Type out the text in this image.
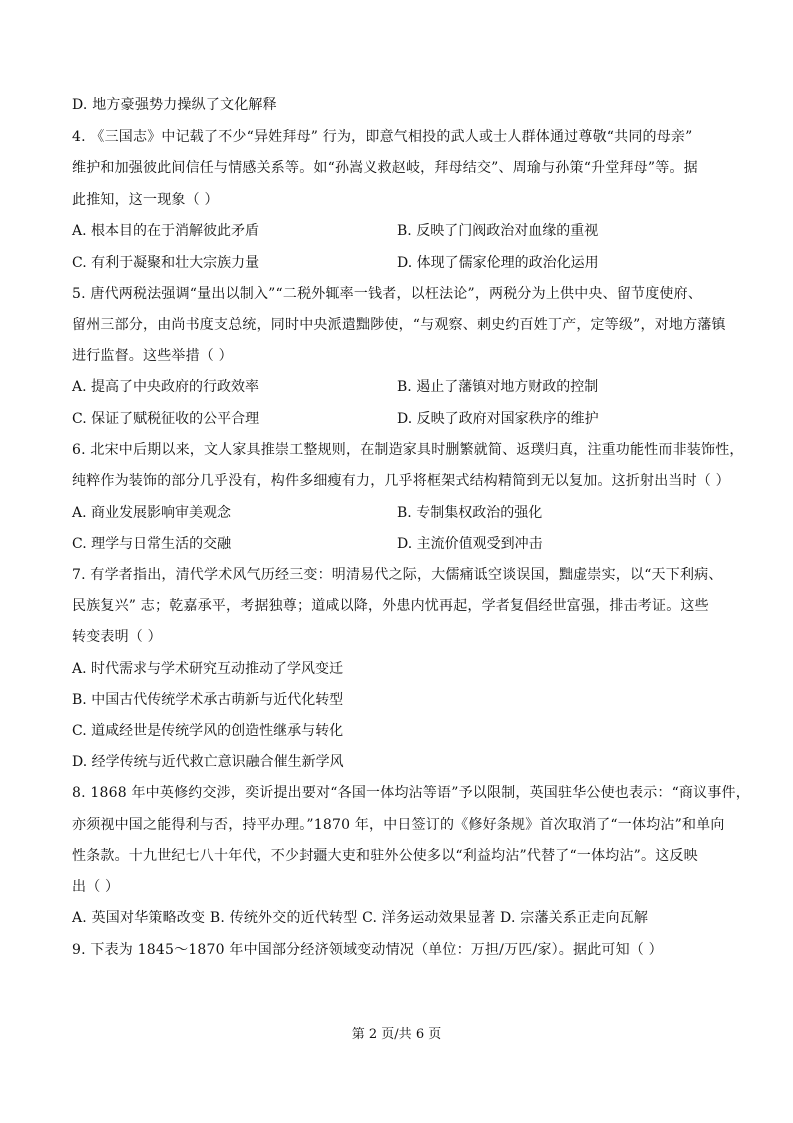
D. 地方豪强势力操纵了文化解释
4. 《三国志》中记载了不少“异姓拜母” 行为，即意气相投的武人或士人群体通过尊敬“共同的母亲”
维护和加强彼此间信任与情感关系等。如“孙嵩义救赵岐，拜母结交”、周瑜与孙策“升堂拜母”等。据
此推知，这一现象（ ）
A. 根本目的在于消解彼此矛盾	B. 反映了门阀政治对血缘的重视
C. 有利于凝聚和壮大宗族力量	D. 体现了儒家伦理的政治化运用
5. 唐代两税法强调“量出以制入”“二税外辄率一钱者，以枉法论”，两税分为上供中央、留节度使府、
留州三部分，由尚书度支总统，同时中央派遣黜陟使，“与观察、刺史约百姓丁产，定等级”，对地方藩镇
进行监督。这些举措（ ）
A. 提高了中央政府的行政效率	B. 遏止了藩镇对地方财政的控制
C. 保证了赋税征收的公平合理	D. 反映了政府对国家秩序的维护
6. 北宋中后期以来，文人家具推崇工整规则，在制造家具时删繁就简、返璞归真，注重功能性而非装饰性，
纯粹作为装饰的部分几乎没有，构件多细瘦有力，几乎将框架式结构精简到无以复加。这折射出当时（ ）
A. 商业发展影响审美观念	B. 专制集权政治的强化
C. 理学与日常生活的交融	D. 主流价值观受到冲击
7. 有学者指出，清代学术风气历经三变：明清易代之际，大儒痛诋空谈误国，黜虚崇实，以“天下利病、
民族复兴” 志；乾嘉承平，考据独尊；道咸以降，外患内忧再起，学者复倡经世富强，排击考证。这些
转变表明（ ）
A. 时代需求与学术研究互动推动了学风变迁
B. 中国古代传统学术承古萌新与近代化转型
C. 道咸经世是传统学风的创造性继承与转化
D. 经学传统与近代救亡意识融合催生新学风
8. 1868 年中英修约交涉，奕䜣提出要对“各国一体均沾等语”予以限制，英国驻华公使也表示：“商议事件，
亦须视中国之能得利与否，持平办理。”1870 年，中日签订的《修好条规》首次取消了“一体均沾”和单向
性条款。十九世纪七八十年代，不少封疆大吏和驻外公使多以“利益均沾”代替了“一体均沾”。这反映
出（ ）
A. 英国对华策略改变 B. 传统外交的近代转型 C. 洋务运动效果显著 D. 宗藩关系正走向瓦解
9. 下表为 1845～1870 年中国部分经济领域变动情况（单位：万担/万匹/家）。据此可知（ ）
第 2 页/共 6 页
